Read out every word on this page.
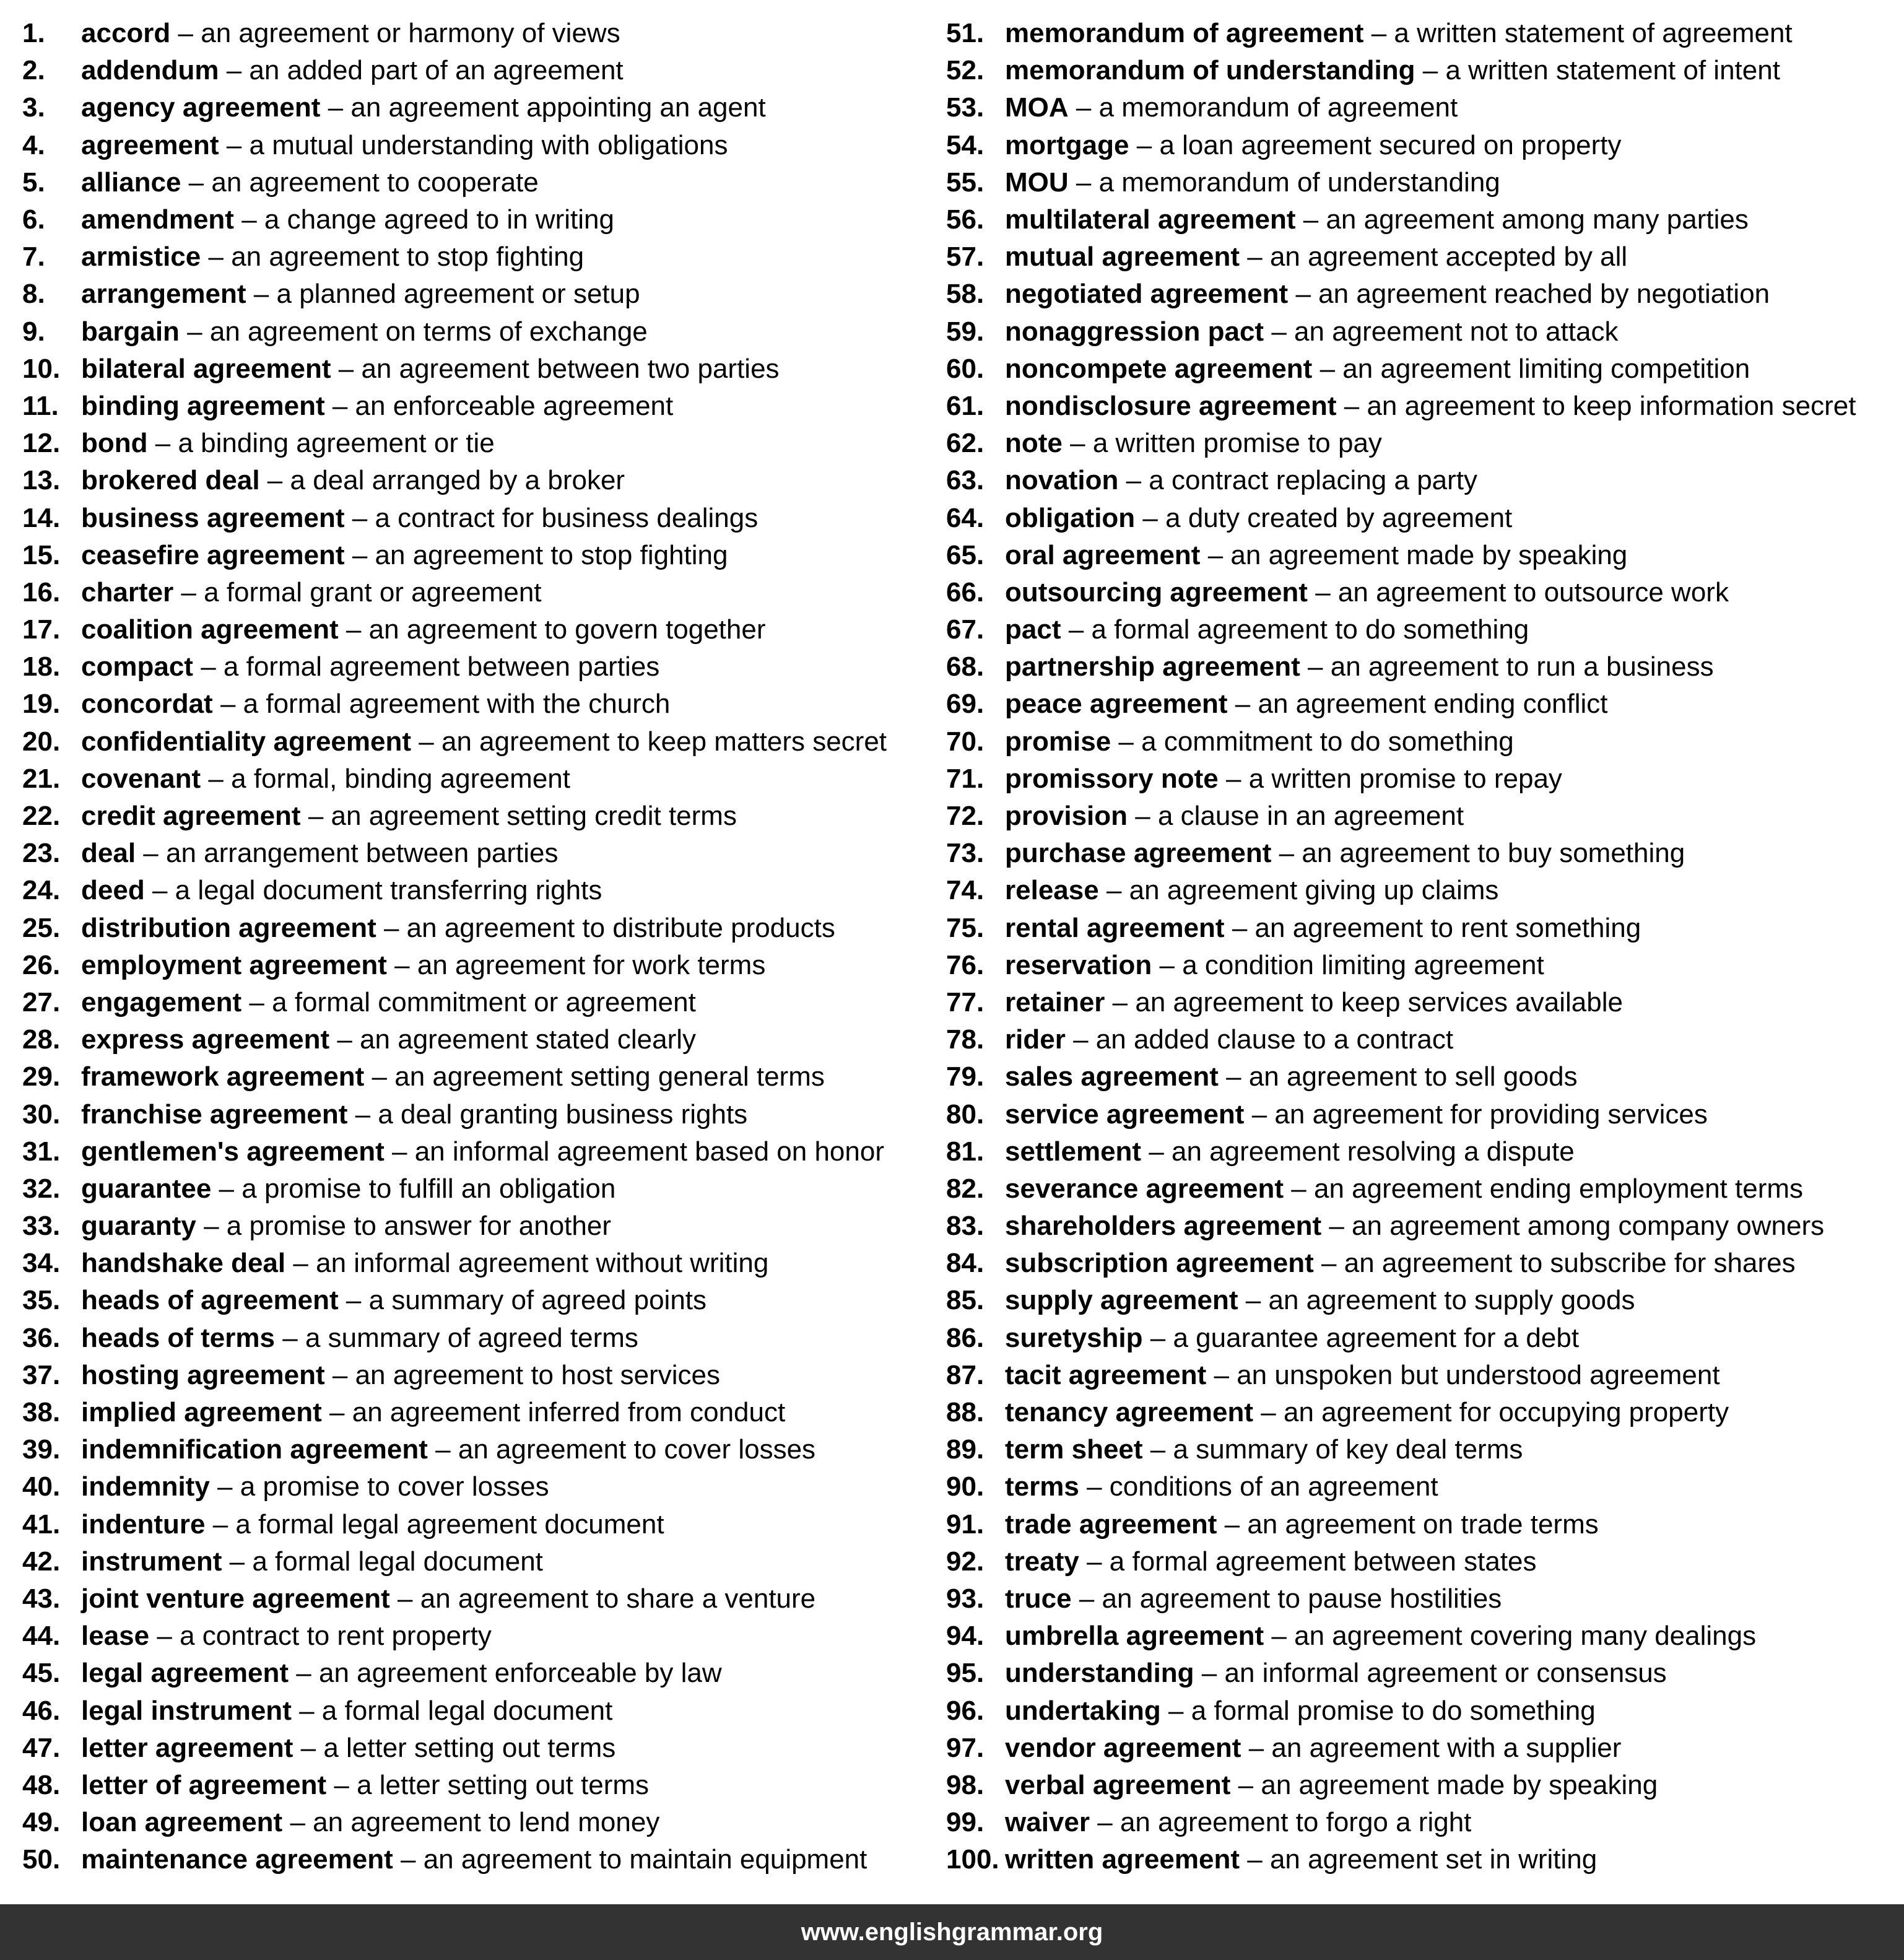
1.	accord
–
an agreement or harmony of views
2.	addendum
–
an added part of an agreement
3.	agency agreement
–
an agreement appointing an agent
4.	agreement
–
a mutual understanding with obligations
5.	alliance
–
an agreement to cooperate
6.	amendment
–
a change agreed to in writing
7.	armistice
–
an agreement to stop fighting
8.	arrangement
–
a planned agreement or setup
9.	bargain
–
an agreement on terms of exchange
10. bilateral agreement
–
an agreement between two parties
11. binding agreement
–
an enforceable agreement
12. bond
–
a binding agreement or tie
13. brokered deal
–
a deal arranged by a broker
14. business agreement
–
a contract for business dealings
15. ceasefire agreement
–
an agreement to stop fighting
16. charter
–
a formal grant or agreement
17. coalition agreement
–
an agreement to govern together
18. compact
–
a formal agreement between parties
19. concordat
–
a formal agreement with the church
20. confidentiality agreement
–
an agreement to keep matters secret
21. covenant
–
a formal, binding agreement
22. credit agreement
–
an agreement setting credit terms
23. deal
–
an arrangement between parties
24. deed
–
a legal document transferring rights
25. distribution agreement
–
an agreement to distribute products
26. employment agreement
–
an agreement for work terms
27. engagement
–
a formal commitment or agreement
28. express agreement
–
an agreement stated clearly
29. framework agreement
–
an agreement setting general terms
30. franchise agreement
–
a deal granting business rights
31. gentlemen's agreement
–
an informal agreement based on honor
32. guarantee
–
a promise to fulfill an obligation
33. guaranty
–
a promise to answer for another
34. handshake deal
–
an informal agreement without writing
35. heads of agreement
–
a summary of agreed points
36. heads of terms
–
a summary of agreed terms
37. hosting agreement
–
an agreement to host services
38. implied agreement
–
an agreement inferred from conduct
39. indemnification agreement
–
an agreement to cover losses
40. indemnity
–
a promise to cover losses
41. indenture
–
a formal legal agreement document
42. instrument
–
a formal legal document
43. joint venture agreement
–
an agreement to share a venture
44. lease
–
a contract to rent property
45. legal agreement
–
an agreement enforceable by law
46. legal instrument
–
a formal legal document
47. letter agreement
–
a letter setting out terms
48. letter of agreement
–
a letter setting out terms
49. loan agreement
–
an agreement to lend money
50. maintenance agreement
–
an agreement to maintain equipment
51. memorandum of agreement
–
a written statement of agreement
52. memorandum of understanding
–
a written statement of intent
53. MOA
–
a memorandum of agreement
54. mortgage
–
a loan agreement secured on property
55. MOU
–
a memorandum of understanding
56. multilateral agreement
–
an agreement among many parties
57. mutual agreement
–
an agreement accepted by all
58. negotiated agreement
–
an agreement reached by negotiation
59. nonaggression pact
–
an agreement not to attack
60. noncompete agreement
–
an agreement limiting competition
61. nondisclosure agreement
–
an agreement to keep information secret
62. note
–
a written promise to pay
63. novation
–
a contract replacing a party
64. obligation
–
a duty created by agreement
65. oral agreement
–
an agreement made by speaking
66. outsourcing agreement
–
an agreement to outsource work
67. pact
–
a formal agreement to do something
68. partnership agreement
–
an agreement to run a business
69. peace agreement
–
an agreement ending conflict
70. promise
–
a commitment to do something
71. promissory note
–
a written promise to repay
72. provision
–
a clause in an agreement
73. purchase agreement
–
an agreement to buy something
74. release
–
an agreement giving up claims
75. rental agreement
–
an agreement to rent something
76. reservation
–
a condition limiting agreement
77. retainer
–
an agreement to keep services available
78. rider
–
an added clause to a contract
79. sales agreement
–
an agreement to sell goods
80. service agreement
–
an agreement for providing services
81. settlement
–
an agreement resolving a dispute
82. severance agreement
–
an agreement ending employment terms
83. shareholders agreement
–
an agreement among company owners
84. subscription agreement
–
an agreement to subscribe for shares
85. supply agreement
–
an agreement to supply goods
86. suretyship
–
a guarantee agreement for a debt
87. tacit agreement
–
an unspoken but understood agreement
88. tenancy agreement
–
an agreement for occupying property
89. term sheet
–
a summary of key deal terms
90. terms
–
conditions of an agreement
91. trade agreement
–
an agreement on trade terms
92. treaty
–
a formal agreement between states
93. truce
–
an agreement to pause hostilities
94. umbrella agreement
–
an agreement covering many dealings
95. understanding
–
an informal agreement or consensus
96. undertaking
–
a formal promise to do something
97. vendor agreement
–
an agreement with a supplier
98. verbal agreement
–
an agreement made by speaking
99. waiver
–
an agreement to forgo a right
100. written agreement
–
an agreement set in writing
www.englishgrammar.org
